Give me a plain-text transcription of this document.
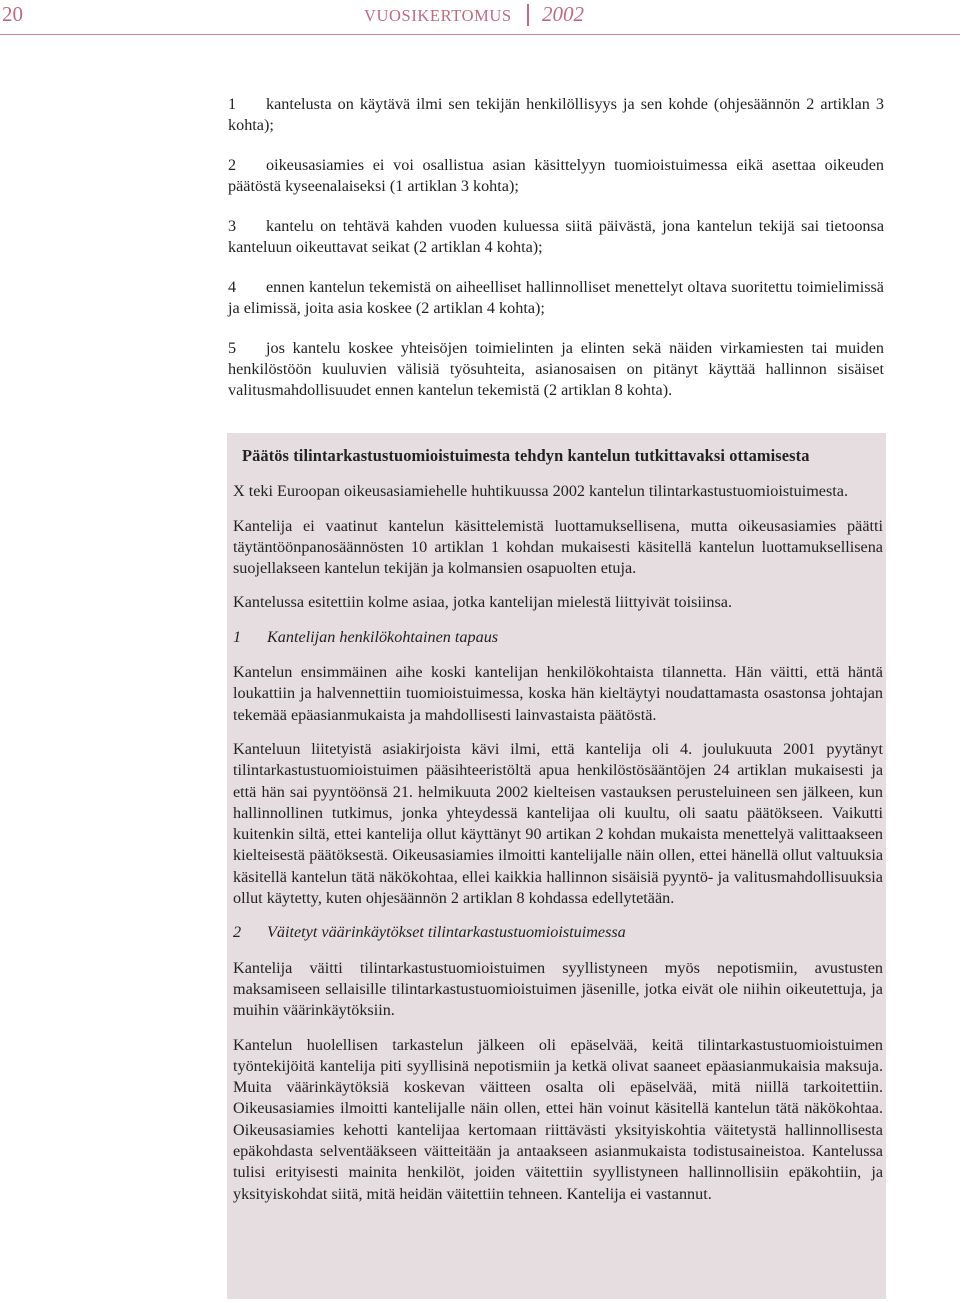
20	VUOSIKERTOMUS 2002
1 kantelusta on käytävä ilmi sen tekijän henkilöllisyys ja sen kohde (ohjesäännön 2 artiklan 3 kohta);
2 oikeusasiamies ei voi osallistua asian käsittelyyn tuomioistuimessa eikä asettaa oikeuden päätöstä kyseenalaiseksi (1 artiklan 3 kohta);
3 kantelu on tehtävä kahden vuoden kuluessa siitä päivästä, jona kantelun tekijä sai tietoonsa kanteluun oikeuttavat seikat (2 artiklan 4 kohta);
4 ennen kantelun tekemistä on aiheelliset hallinnolliset menettelyt oltava suoritettu toimielimissä ja elimissä, joita asia koskee (2 artiklan 4 kohta);
5 jos kantelu koskee yhteisöjen toimielinten ja elinten sekä näiden virkamiesten tai muiden henkilöstöön kuuluvien välisiä työsuhteita, asianosaisen on pitänyt käyttää hallinnon sisäiset valitusmahdollisuudet ennen kantelun tekemistä (2 artiklan 8 kohta).
Päätös tilintarkastustuomioistuimesta tehdyn kantelun tutkittavaksi ottamisesta

X teki Euroopan oikeusasiamiehelle huhtikuussa 2002 kantelun tilintarkastustuomioistuimesta.

Kantelija ei vaatinut kantelun käsittelemistä luottamuksellisena, mutta oikeusasiamies päätti täytäntöönpanosäännösten 10 artiklan 1 kohdan mukaisesti käsitellä kantelun luottamuksellisena suojellakseen kantelun tekijän ja kolmansien osapuolten etuja.

Kantelussa esitettiin kolme asiaa, jotka kantelijan mielestä liittyivät toisiinsa.

1 Kantelijan henkilökohtainen tapaus

Kantelun ensimmäinen aihe koski kantelijan henkilökohtaista tilannetta. Hän väitti, että häntä loukattiin ja halvennettiin tuomioistuimessa, koska hän kieltäytyi noudattamasta osastonsa johtajan tekemää epäasianmukaista ja mahdollisesti lainvastaista päätöstä.

Kanteluun liitetyistä asiakirjoista kävi ilmi, että kantelija oli 4. joulukuuta 2001 pyytänyt tilintarkastustuomioistuimen pääsihteeristöltä apua henkilöstösääntöjen 24 artiklan mukaisesti ja että hän sai pyyntöönsä 21. helmikuuta 2002 kielteisen vastauksen perusteluineen sen jälkeen, kun hallinnollinen tutkimus, jonka yhteydessä kantelijaa oli kuultu, oli saatu päätökseen. Vaikutti kuitenkin siltä, ettei kantelija ollut käyttänyt 90 artikan 2 kohdan mukaista menettelyä valittaakseen kielteisestä päätöksestä. Oikeusasiamies ilmoitti kantelijalle näin ollen, ettei hänellä ollut valtuuksia käsitellä kantelun tätä näkökohtaa, ellei kaikkia hallinnon sisäisiä pyyntö- ja valitusmahdollisuuksia ollut käytetty, kuten ohjesäännön 2 artiklan 8 kohdassa edellytetään.

2 Väitetyt väärinkäytökset tilintarkastustuomioistuimessa

Kantelija väitti tilintarkastustuomioistuimen syyllistyneen myös nepotismiin, avustusten maksamiseen sellaisille tilintarkastustuomioistuimen jäsenille, jotka eivät ole niihin oikeutettuja, ja muihin väärinkäytöksiin.

Kantelun huolellisen tarkastelun jälkeen oli epäselvää, keitä tilintarkastustuomioistuimen työntekijöitä kantelija piti syyllisinä nepotismiin ja ketkä olivat saaneet epäasianmukaisia maksuja. Muita väärinkäytöksiä koskevan väitteen osalta oli epäselvää, mitä niillä tarkoitettiin. Oikeusasiamies ilmoitti kantelijalle näin ollen, ettei hän voinut käsitellä kantelun tätä näkökohtaa. Oikeusasiamies kehotti kantelijaa kertomaan riittävästi yksityiskohtia väitetystä hallinnollisesta epäkohdasta selventääkseen väitteitään ja antaakseen asianmukaista todistusaineistoa. Kantelussa tulisi erityisesti mainita henkilöt, joiden väitettiin syyllistyneen hallinnollisiin epäkohtiin, ja yksityiskohdat siitä, mitä heidän väitettiin tehneen. Kantelija ei vastannut.
